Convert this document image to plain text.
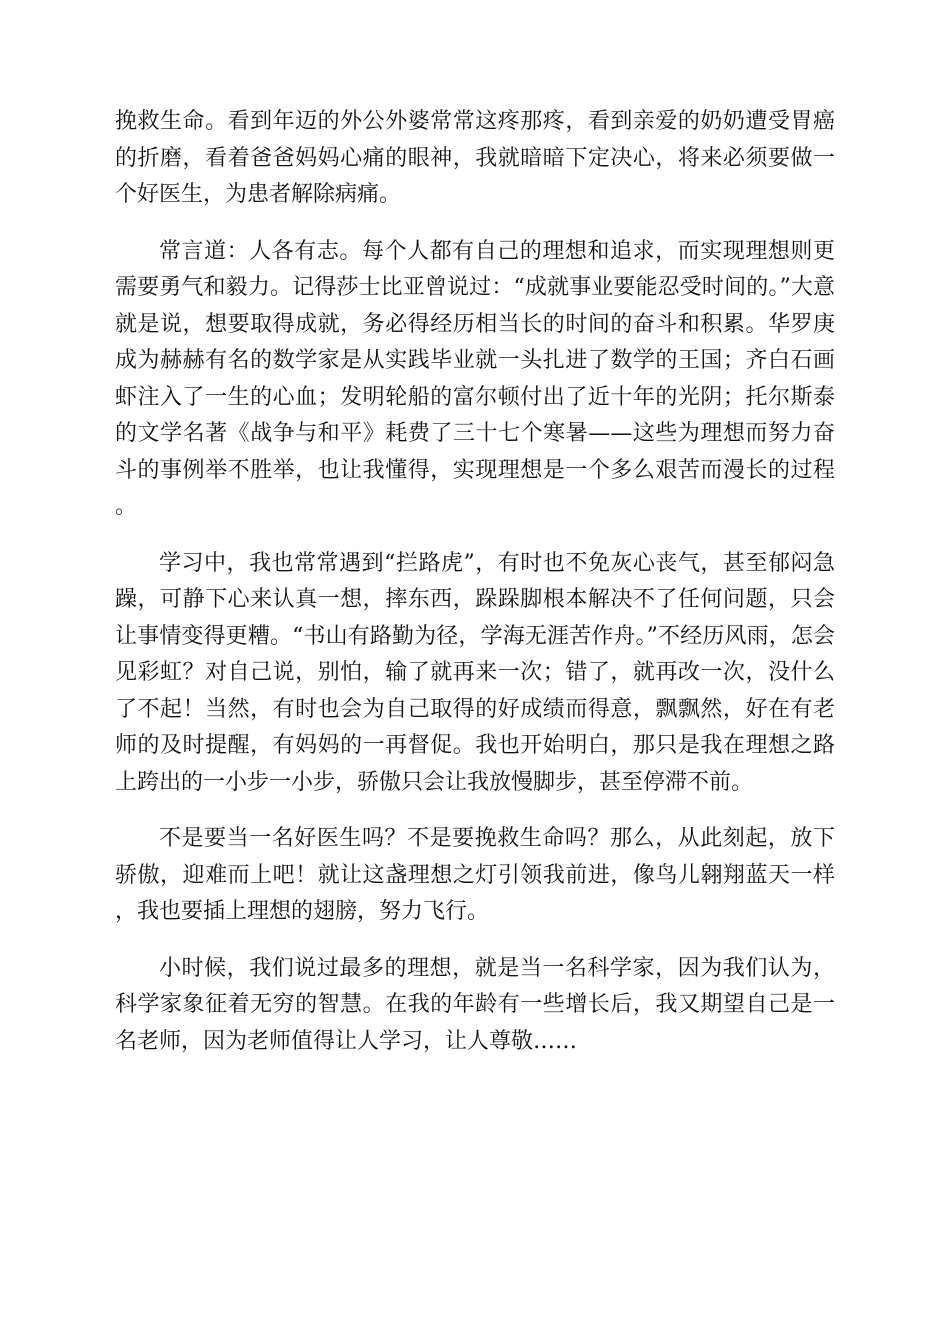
挽救生命。看到年迈的外公外婆常常这疼那疼，看到亲爱的奶奶遭受胃癌的折磨，看着爸爸妈妈心痛的眼神，我就暗暗下定决心，将来必须要做一个好医生，为患者解除病痛。

常言道：人各有志。每个人都有自己的理想和追求，而实现理想则更需要勇气和毅力。记得莎士比亚曾说过：“成就事业要能忍受时间的。”大意就是说，想要取得成就，务必得经历相当长的时间的奋斗和积累。华罗庚成为赫赫有名的数学家是从实践毕业就一头扎进了数学的王国；齐白石画虾注入了一生的心血；发明轮船的富尔顿付出了近十年的光阴；托尔斯泰的文学名著《战争与和平》耗费了三十七个寒暑——这些为理想而努力奋斗的事例举不胜举，也让我懂得，实现理想是一个多么艰苦而漫长的过程。

学习中，我也常常遇到“拦路虎”，有时也不免灰心丧气，甚至郁闷急躁，可静下心来认真一想，摔东西，跺跺脚根本解决不了任何问题，只会让事情变得更糟。“书山有路勤为径，学海无涯苦作舟。”不经历风雨，怎会见彩虹？对自己说，别怕，输了就再来一次；错了，就再改一次，没什么了不起！当然，有时也会为自己取得的好成绩而得意，飘飘然，好在有老师的及时提醒，有妈妈的一再督促。我也开始明白，那只是我在理想之路上跨出的一小步一小步，骄傲只会让我放慢脚步，甚至停滞不前。

不是要当一名好医生吗？不是要挽救生命吗？那么，从此刻起，放下骄傲，迎难而上吧！就让这盏理想之灯引领我前进，像鸟儿翱翔蓝天一样，我也要插上理想的翅膀，努力飞行。

小时候，我们说过最多的理想，就是当一名科学家，因为我们认为，科学家象征着无穷的智慧。在我的年龄有一些增长后，我又期望自己是一名老师，因为老师值得让人学习，让人尊敬……
